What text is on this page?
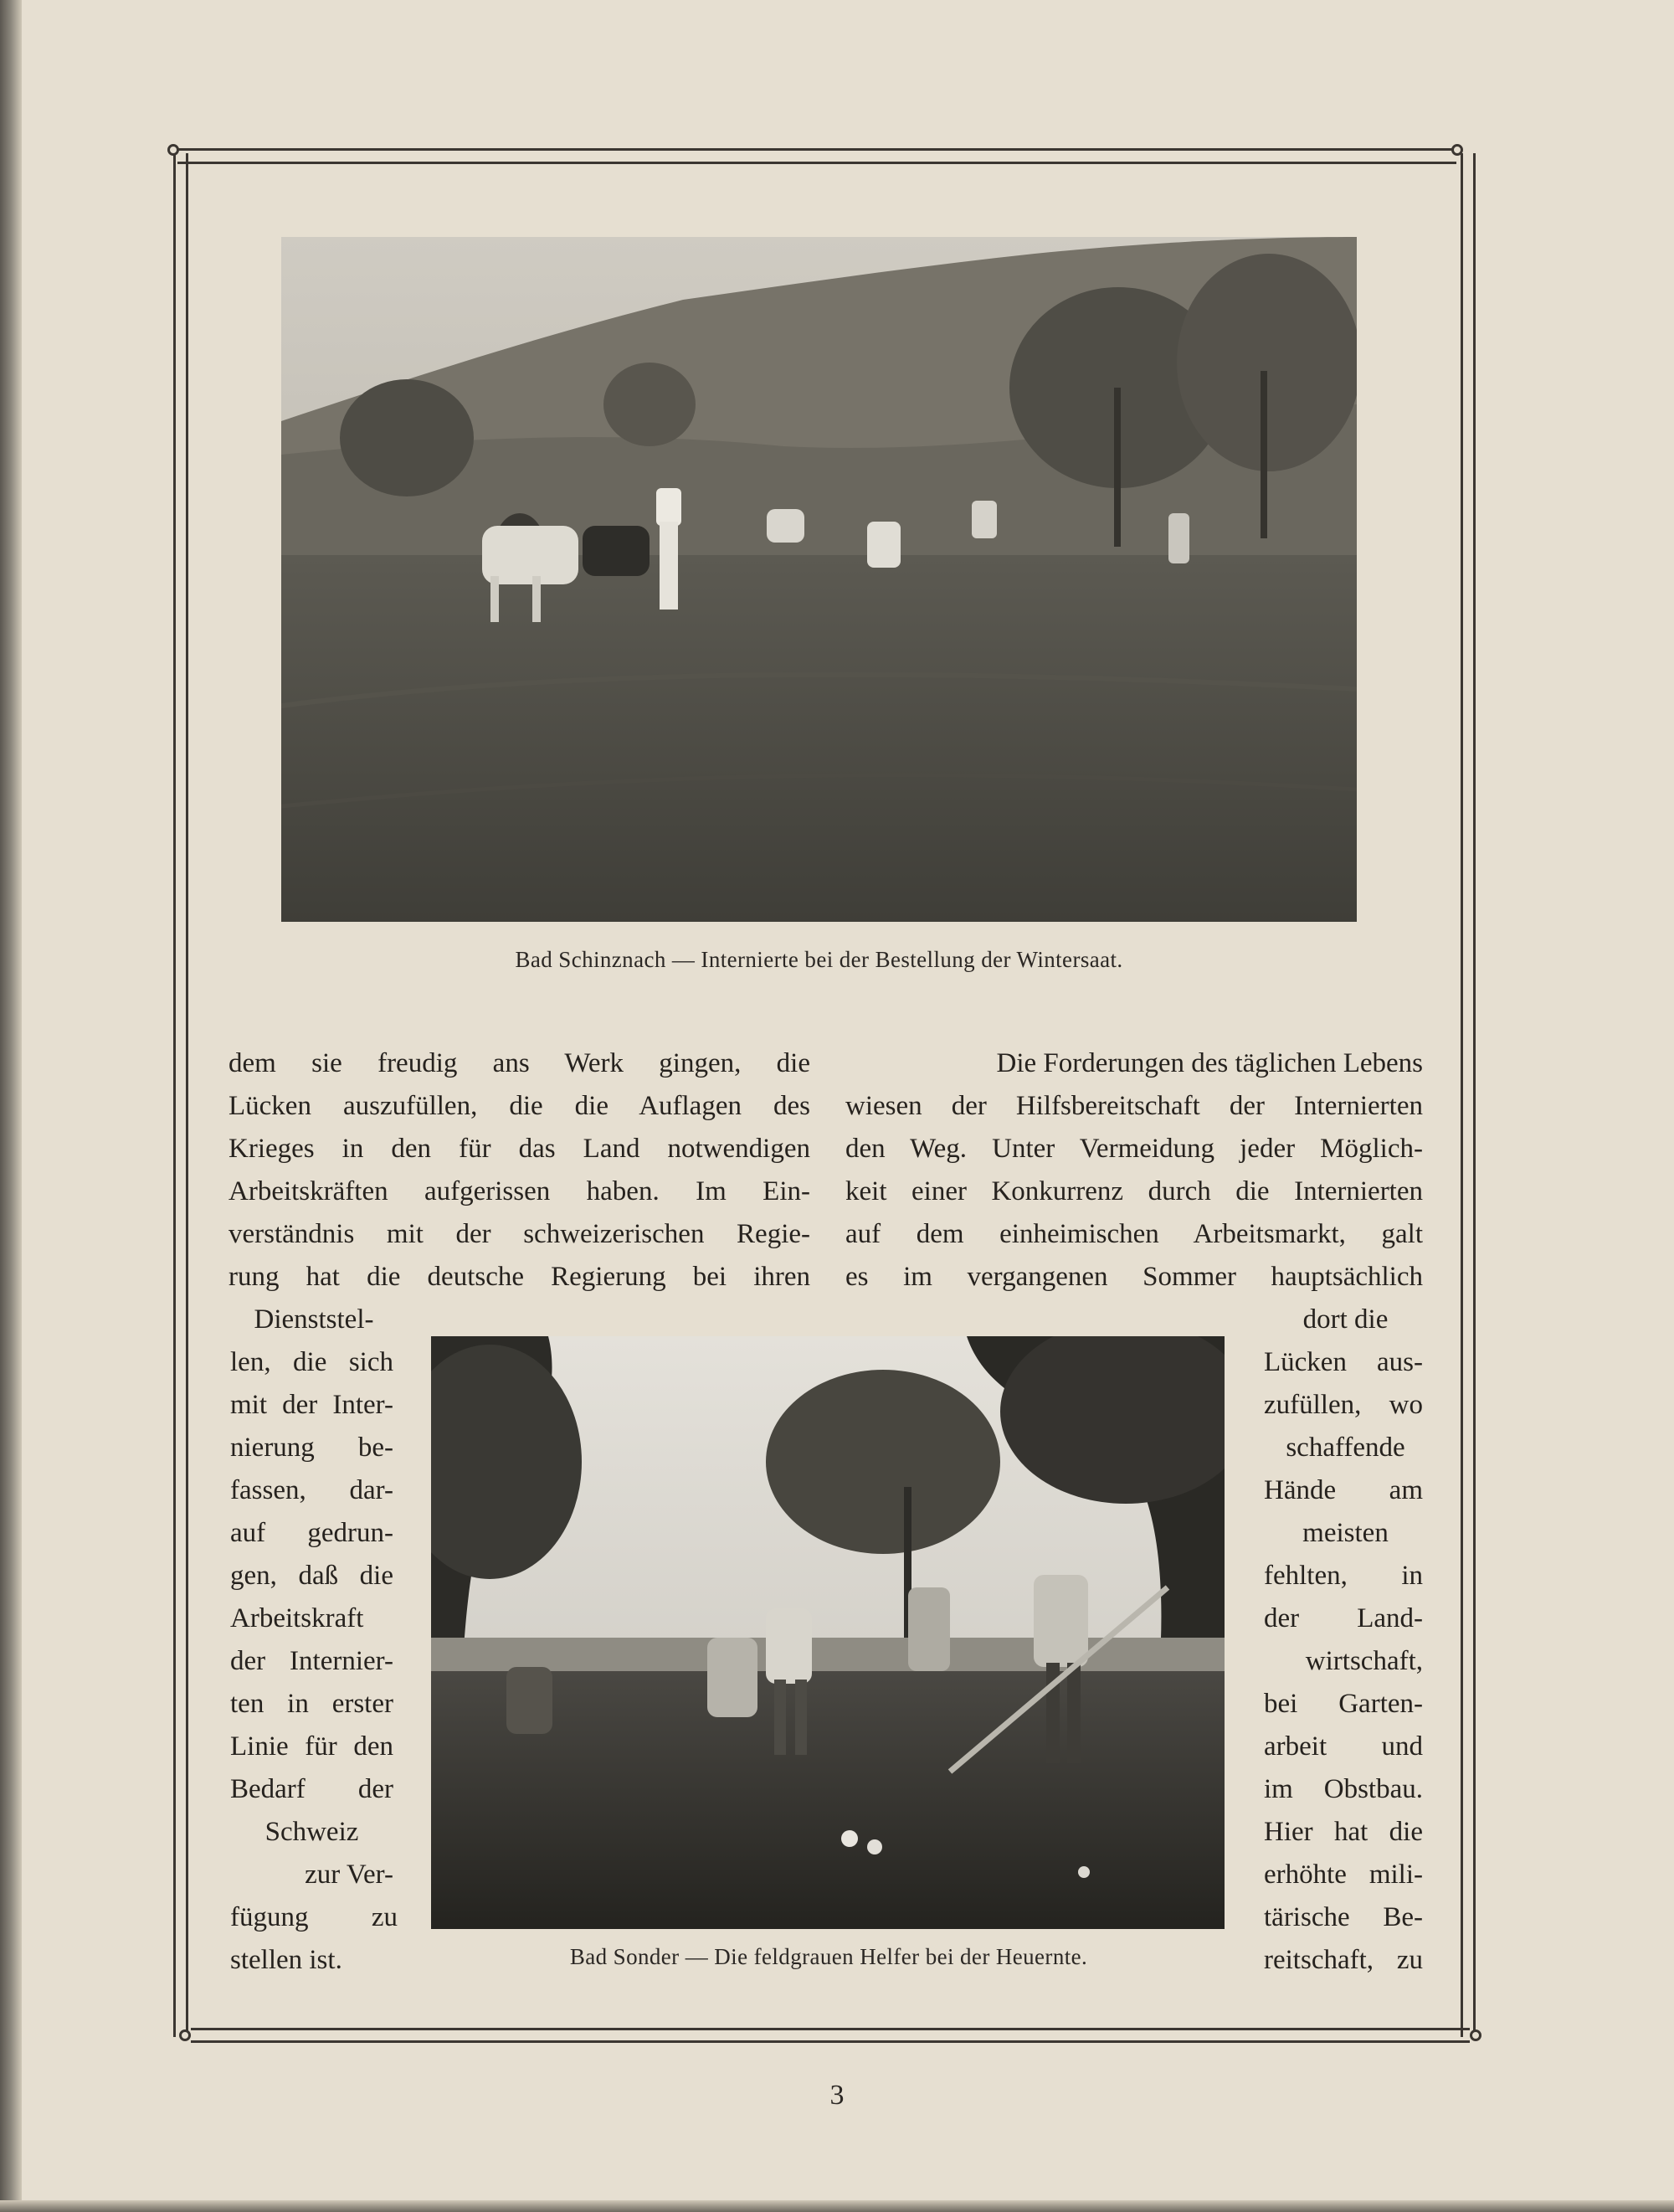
Bad Schinznach — Internierte bei der Bestellung der Wintersaat.
dem sie freudig ans Werk gingen, die
Lücken auszufüllen, die die Auflagen des
Krieges in den für das Land notwendigen
Arbeitskräften aufgerissen haben. Im Ein-
verständnis mit der schweizerischen Regie-
rung hat die deutsche Regierung bei ihren
Die Forderungen des täglichen Lebens
wiesen der Hilfsbereitschaft der Internierten
den Weg. Unter Vermeidung jeder Möglich-
keit einer Konkurrenz durch die Internierten
auf dem einheimischen Arbeitsmarkt, galt
es im vergangenen Sommer hauptsächlich
Dienststel-
len, die sich
mit der Inter-
nierung be-
fassen, dar-
auf gedrun-
gen, daß die
Arbeitskraft
der Internier-
ten in erster
Linie für den
Bedarf der
Schweiz
zur Ver-
fügung zu
stellen ist.	Bad Sonder — Die feldgrauen Helfer bei der Heuernte.
dort die
Lücken aus-
zufüllen, wo
schaffende
Hände am
meisten
fehlten, in
der Land-
wirtschaft,
bei Garten-
arbeit und
im Obstbau.
Hier hat die
erhöhte mili-
tärische Be-
reitschaft, zu
3
